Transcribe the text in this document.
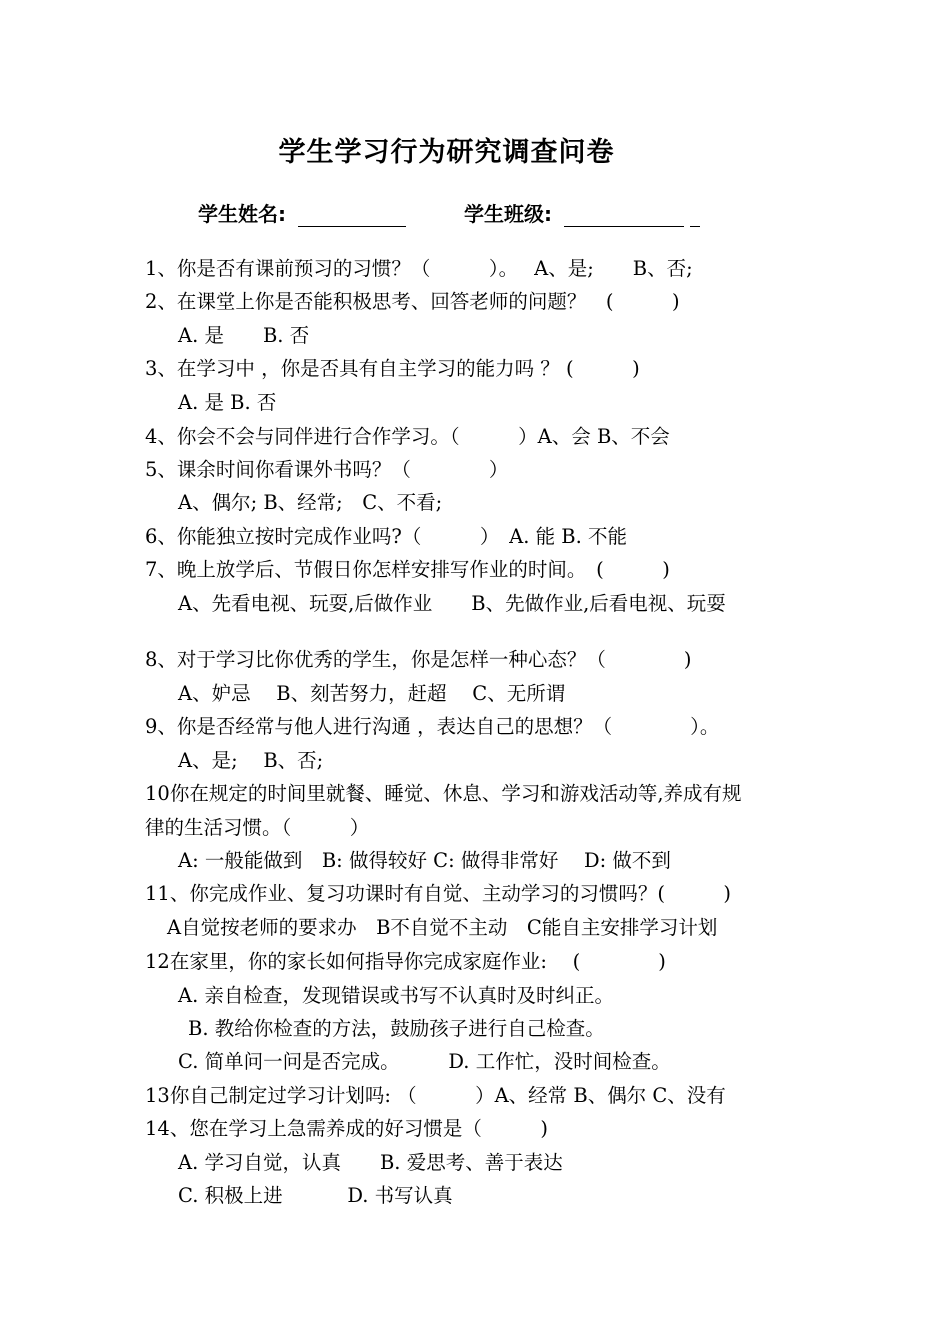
学生学习行为研究调查问卷
学生姓名:	学生班级:
1、你是否有课前预习的习惯？（　　　）。　 A、是;　　B、否;
2、在课堂上你是否能积极思考、回答老师的问题？　(　　　)
A. 是　　B. 否
3、在学习中 ，你是否具有自主学习的能力吗 ？ (　　　)
A. 是 B. 否
4、你会不会与同伴进行合作学习。（　　　）A、会 B、不会
5、课余时间你看课外书吗？（　　　　）
A、偶尔; B、经常;　C、不看;
6、你能独立按时完成作业吗?（　　　）　A. 能 B. 不能
7、晚上放学后、节假日你怎样安排写作业的时间。　(　　　)
A、先看电视、玩耍,后做作业　　B、先做作业,后看电视、玩耍
8、对于学习比你优秀的学生，你是怎样一种心态？（　　　　)
A、妒忌　 B、刻苦努力，赶超　 C、无所谓
9、你是否经常与他人进行沟通 ，表达自己的思想？（　　　　）。
A、是;　 B、否;
10你在规定的时间里就餐、睡觉、休息、学习和游戏活动等,养成有规
律的生活习惯。（　　　）
A: 一般能做到　B: 做得较好 C: 做得非常好　 D: 做不到
11、你完成作业、复习功课时有自觉、主动学习的习惯吗？(　　　)
A自觉按老师的要求办　B不自觉不主动　C能自主安排学习计划
12在家里，你的家长如何指导你完成家庭作业:　 (　　　　)
A. 亲自检查，发现错误或书写不认真时及时纠正。
B. 教给你检查的方法，鼓励孩子进行自己检查。
C. 简单问一问是否完成。　　　D. 工作忙，没时间检查。
13你自己制定过学习计划吗: （　　　）A、经常 B、偶尔 C、没有
14、您在学习上急需养成的好习惯是（　　　)
A. 学习自觉，认真　　B. 爱思考、善于表达
C. 积极上进　　　 D. 书写认真
